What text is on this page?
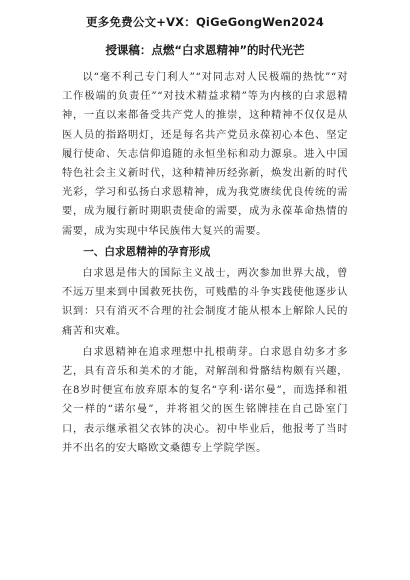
更多免费公文+VX：QiGeGongWen2024
授课稿：点燃“白求恩精神”的时代光芒

以“毫不利己专门利人”“对同志对人民极端的热忱”“对工作极端的负责任”“对技术精益求精”等为内核的白求恩精神，一直以来都备受共产党人的推崇，这种精神不仅仅是从医人员的指路明灯，还是每名共产党员永葆初心本色、坚定履行使命、矢志信仰追随的永恒坐标和动力源泉。进入中国特色社会主义新时代，这种精神历经弥新，焕发出新的时代光彩，学习和弘扬白求恩精神，成为我党赓续优良传统的需要，成为履行新时期职责使命的需要，成为永葆革命热情的需要，成为实现中华民族伟大复兴的需要。

一、白求恩精神的孕育形成

白求恩是伟大的国际主义战士，两次参加世界大战，曾不远万里来到中国救死扶伤，可贱酷的斗争实践使他逐步认识到：只有消灭不合理的社会制度才能从根本上解除人民的痛苦和灾难。

白求恩精神在追求理想中扎根萌芽。白求恩自幼多才多艺，具有音乐和美术的才能，对解剖和骨骼结构颇有兴趣，在8岁时便宣布放弃原本的复名“亨利·诺尔曼”，而选择和祖父一样的“诺尔曼”，并将祖父的医生铭牌挂在自己卧室门口，表示继承祖父衣钵的决心。初中毕业后，他报考了当时并不出名的安大略欧文桑德专上学院学医。
